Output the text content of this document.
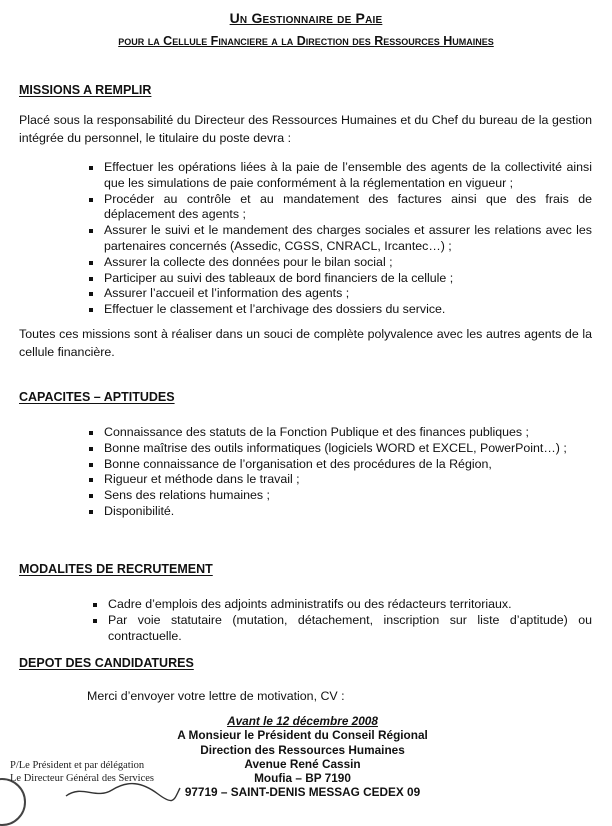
Un Gestionnaire de Paie
pour la Cellule Financiere a la Direction des Ressources Humaines
MISSIONS A REMPLIR
Placé sous la responsabilité du Directeur des Ressources Humaines et du Chef du bureau de la gestion intégrée du personnel, le titulaire du poste devra :
Effectuer les opérations liées à la paie de l’ensemble des agents de la collectivité ainsi que les simulations de paie conformément à la réglementation en vigueur ;
Procéder au contrôle et au mandatement des factures ainsi que des frais de déplacement des agents ;
Assurer le suivi et le mandement des charges sociales et assurer les relations avec les partenaires concernés (Assedic, CGSS, CNRACL, Ircantec…) ;
Assurer la collecte des données pour le bilan social ;
Participer au suivi des tableaux de bord financiers de la cellule ;
Assurer l’accueil et l’information des agents ;
Effectuer le classement et l’archivage des dossiers du service.
Toutes ces missions sont à réaliser dans un souci de complète polyvalence avec les autres agents de la cellule financière.
CAPACITES – APTITUDES
Connaissance des statuts de la Fonction Publique et des finances publiques ;
Bonne maîtrise des outils informatiques (logiciels WORD et EXCEL, PowerPoint…) ;
Bonne connaissance de l’organisation et des procédures de la Région,
Rigueur et méthode dans le travail ;
Sens des relations humaines ;
Disponibilité.
MODALITES DE RECRUTEMENT
Cadre d’emplois des adjoints administratifs ou des rédacteurs territoriaux.
Par voie statutaire (mutation, détachement, inscription sur liste d’aptitude) ou contractuelle.
DEPOT DES CANDIDATURES
Merci d’envoyer votre lettre de motivation, CV :
Avant le 12 décembre 2008
A Monsieur le Président du Conseil Régional
Direction des Ressources Humaines
Avenue René Cassin
Moufia – BP 7190
97719 – SAINT-DENIS MESSAG CEDEX 09
P/Le Président et par délégation
Le Directeur Général des Services
